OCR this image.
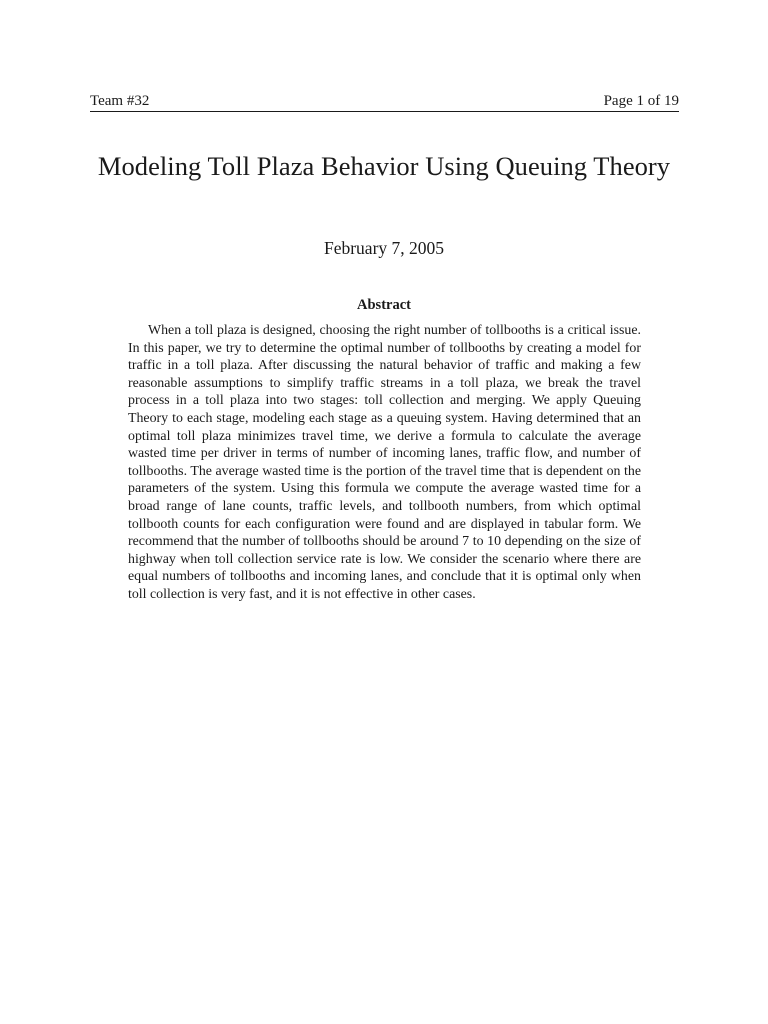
Team #32	Page 1 of 19
Modeling Toll Plaza Behavior Using Queuing Theory
February 7, 2005
Abstract

When a toll plaza is designed, choosing the right number of tollbooths is a critical issue. In this paper, we try to determine the optimal number of tollbooths by creating a model for traffic in a toll plaza. After discussing the natural behavior of traffic and making a few reasonable assumptions to simplify traffic streams in a toll plaza, we break the travel process in a toll plaza into two stages: toll collection and merging. We apply Queuing Theory to each stage, modeling each stage as a queuing system. Having determined that an optimal toll plaza minimizes travel time, we derive a formula to calculate the average wasted time per driver in terms of number of incoming lanes, traffic flow, and number of tollbooths. The average wasted time is the portion of the travel time that is dependent on the parameters of the system. Using this formula we compute the average wasted time for a broad range of lane counts, traffic levels, and tollbooth numbers, from which optimal tollbooth counts for each configuration were found and are displayed in tabular form. We recommend that the number of tollbooths should be around 7 to 10 depending on the size of highway when toll collection service rate is low. We consider the scenario where there are equal numbers of tollbooths and incoming lanes, and conclude that it is optimal only when toll collection is very fast, and it is not effective in other cases.
